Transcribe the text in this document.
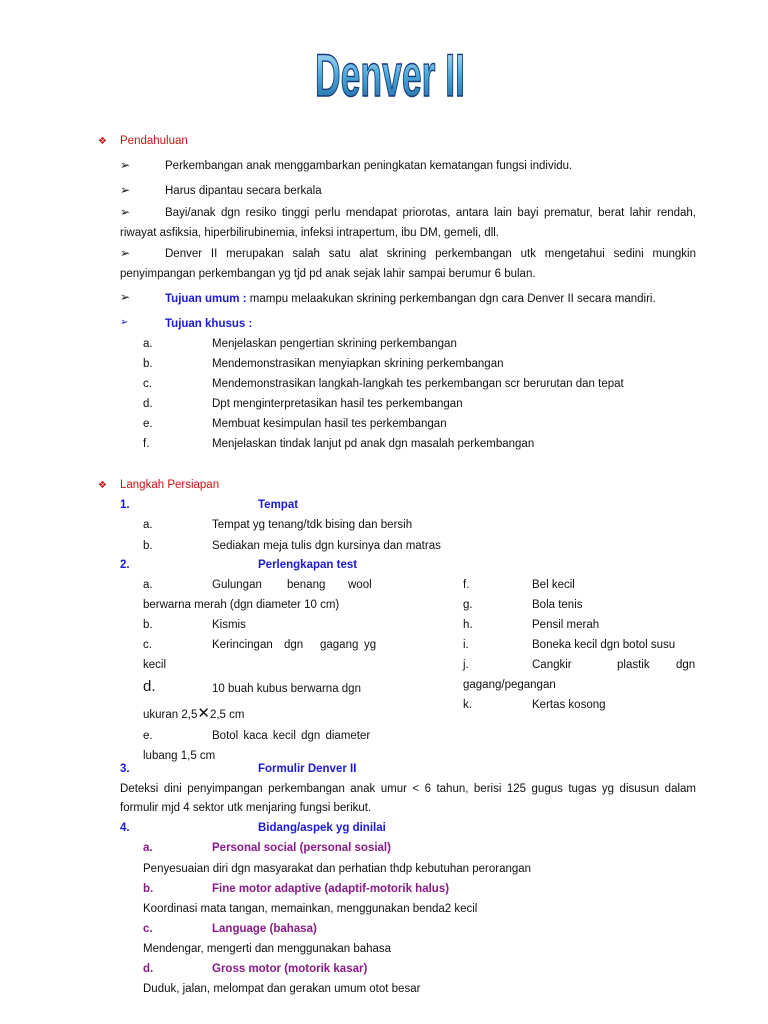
Denver II
❖ Pendahuluan
➢	Perkembangan anak menggambarkan peningkatan kematangan fungsi individu.
➢	Harus dipantau secara berkala
➢	Bayi/anak dgn resiko tinggi perlu mendapat priorotas, antara lain bayi prematur, berat lahir rendah,
riwayat asfiksia, hiperbilirubinemia, infeksi intrapertum, ibu DM, gemeli, dll.
➢	Denver II merupakan salah satu alat skrining perkembangan utk mengetahui sedini mungkin
penyimpangan perkembangan yg tjd pd anak sejak lahir sampai berumur 6 bulan.
➢	Tujuan umum : mampu melaakukan skrining perkembangan dgn cara Denver II secara mandiri.
➢	Tujuan khusus :
a.	Menjelaskan pengertian skrining perkembangan
b.	Mendemonstrasikan menyiapkan skrining perkembangan
c.	Mendemonstrasikan langkah-langkah tes perkembangan scr berurutan dan tepat
d.	Dpt menginterpretasikan hasil tes perkembangan
e.	Membuat kesimpulan hasil tes perkembangan
f.	Menjelaskan tindak lanjut pd anak dgn masalah perkembangan
❖ Langkah Persiapan
1.	Tempat
a.	Tempat yg tenang/tdk bising dan bersih
b.	Sediakan meja tulis dgn kursinya dan matras
2.	Perlengkapan test
a.	Gulungan benang wool
berwarna merah (dgn diameter 10 cm)
b.	Kismis
c.	Kerincingan dgn gagang yg
kecil
d.	10 buah kubus berwarna dgn
ukuran 2,5✕2,5 cm
e.	Botol kaca kecil dgn diameter
lubang 1,5 cm
f.	Bel kecil
g.	Bola tenis
h.	Pensil merah
i.	Boneka kecil dgn botol susu
j.	Cangkir	plastik dgn
gagang/pegangan
k.	Kertas kosong
3.	Formulir Denver II
Deteksi dini penyimpangan perkembangan anak umur < 6 tahun, berisi 125 gugus tugas yg disusun dalam
formulir mjd 4 sektor utk menjaring fungsi berikut.
4.	Bidang/aspek yg dinilai
a.	Personal social (personal sosial)
Penyesuaian diri dgn masyarakat dan perhatian thdp kebutuhan perorangan
b.	Fine motor adaptive (adaptif-motorik halus)
Koordinasi mata tangan, memainkan, menggunakan benda2 kecil
c.	Language (bahasa)
Mendengar, mengerti dan menggunakan bahasa
d.	Gross motor (motorik kasar)
Duduk, jalan, melompat dan gerakan umum otot besar
